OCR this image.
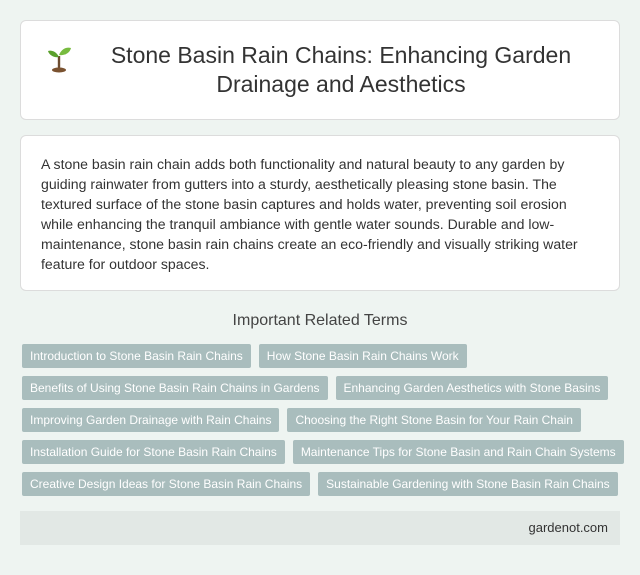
Stone Basin Rain Chains: Enhancing Garden Drainage and Aesthetics

A stone basin rain chain adds both functionality and natural beauty to any garden by guiding rainwater from gutters into a sturdy, aesthetically pleasing stone basin. The textured surface of the stone basin captures and holds water, preventing soil erosion while enhancing the tranquil ambiance with gentle water sounds. Durable and low-maintenance, stone basin rain chains create an eco-friendly and visually striking water feature for outdoor spaces.

Important Related Terms
Introduction to Stone Basin Rain Chains	How Stone Basin Rain Chains Work
Benefits of Using Stone Basin Rain Chains in Gardens	Enhancing Garden Aesthetics with Stone Basins
Improving Garden Drainage with Rain Chains	Choosing the Right Stone Basin for Your Rain Chain
Installation Guide for Stone Basin Rain Chains	Maintenance Tips for Stone Basin and Rain Chain Systems
Creative Design Ideas for Stone Basin Rain Chains	Sustainable Gardening with Stone Basin Rain Chains
gardenot.com
